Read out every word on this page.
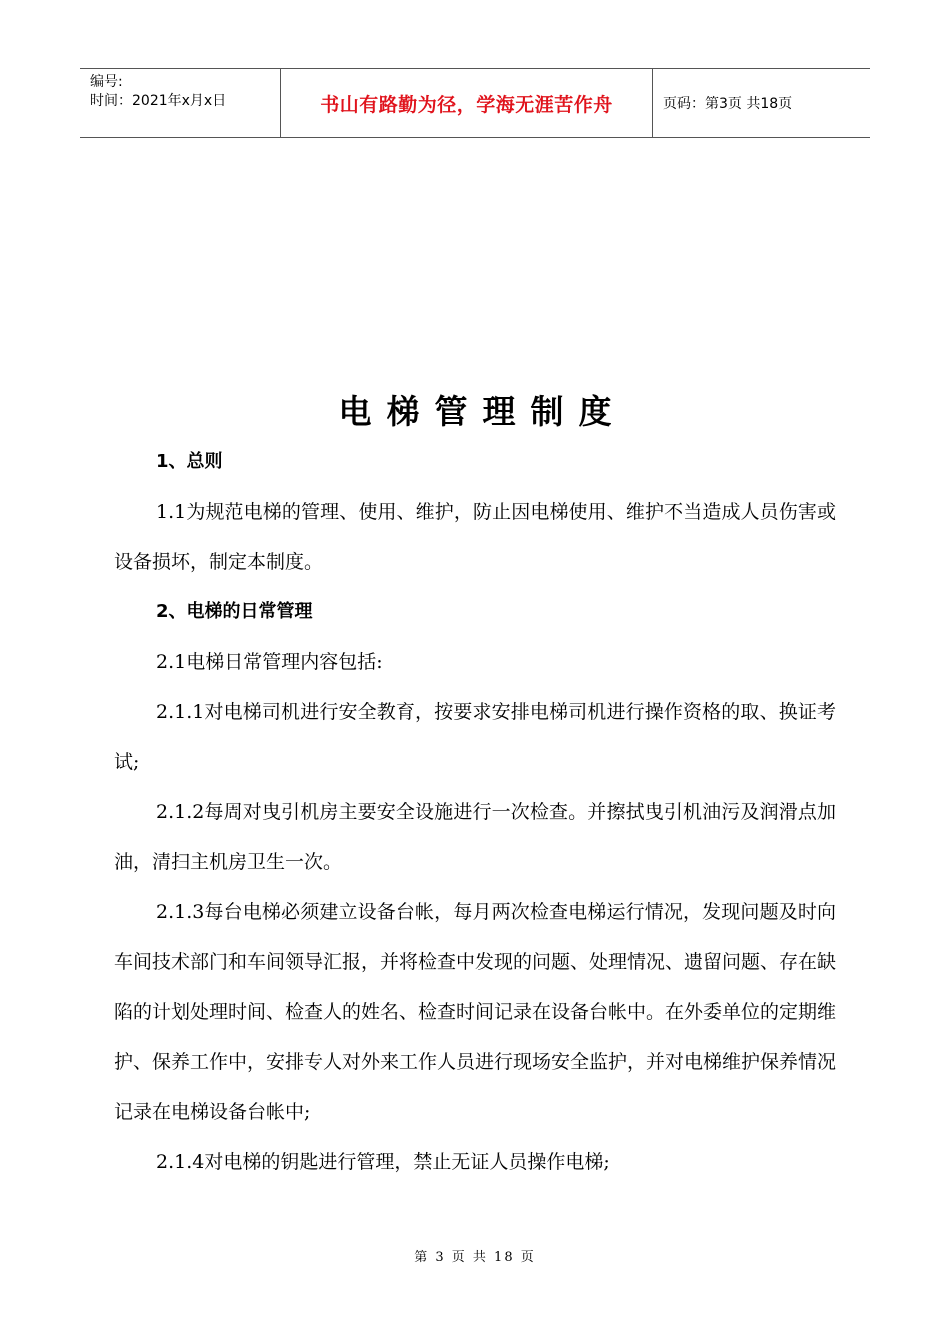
编号:
时间：2021年x月x日	书山有路勤为径，学海无涯苦作舟	页码：第3页 共18页
电梯管理制度

1、总则

1.1为规范电梯的管理、使用、维护，防止因电梯使用、维护不当造成人员伤害或设备损坏，制定本制度。

2、电梯的日常管理

2.1电梯日常管理内容包括:

2.1.1对电梯司机进行安全教育，按要求安排电梯司机进行操作资格的取、换证考试;

2.1.2每周对曳引机房主要安全设施进行一次检查。并擦拭曳引机油污及润滑点加油，清扫主机房卫生一次。

2.1.3每台电梯必须建立设备台帐，每月两次检查电梯运行情况，发现问题及时向车间技术部门和车间领导汇报，并将检查中发现的问题、处理情况、遗留问题、存在缺陷的计划处理时间、检查人的姓名、检查时间记录在设备台帐中。在外委单位的定期维护、保养工作中，安排专人对外来工作人员进行现场安全监护，并对电梯维护保养情况记录在电梯设备台帐中;

2.1.4对电梯的钥匙进行管理，禁止无证人员操作电梯;

第 3 页 共 18 页
